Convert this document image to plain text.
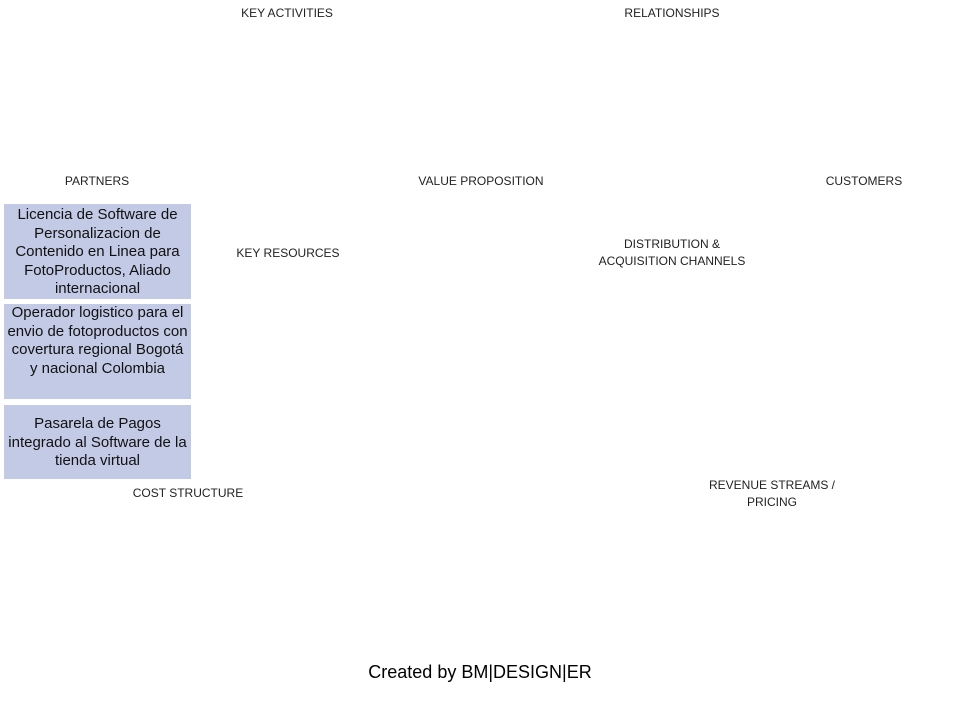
KEY ACTIVITIES	RELATIONSHIPS
PARTNERS	VALUE PROPOSITION	CUSTOMERS
KEY RESOURCES
DISTRIBUTION &
ACQUISITION CHANNELS
COST STRUCTURE
REVENUE STREAMS /
PRICING
Licencia de Software de Personalizacion de Contenido en Linea para FotoProductos, Aliado internacional
Operador logistico para el envio de fotoproductos con covertura regional Bogotá y nacional Colombia
Pasarela de Pagos integrado al Software de la tienda virtual
Created by BM|DESIGN|ER
